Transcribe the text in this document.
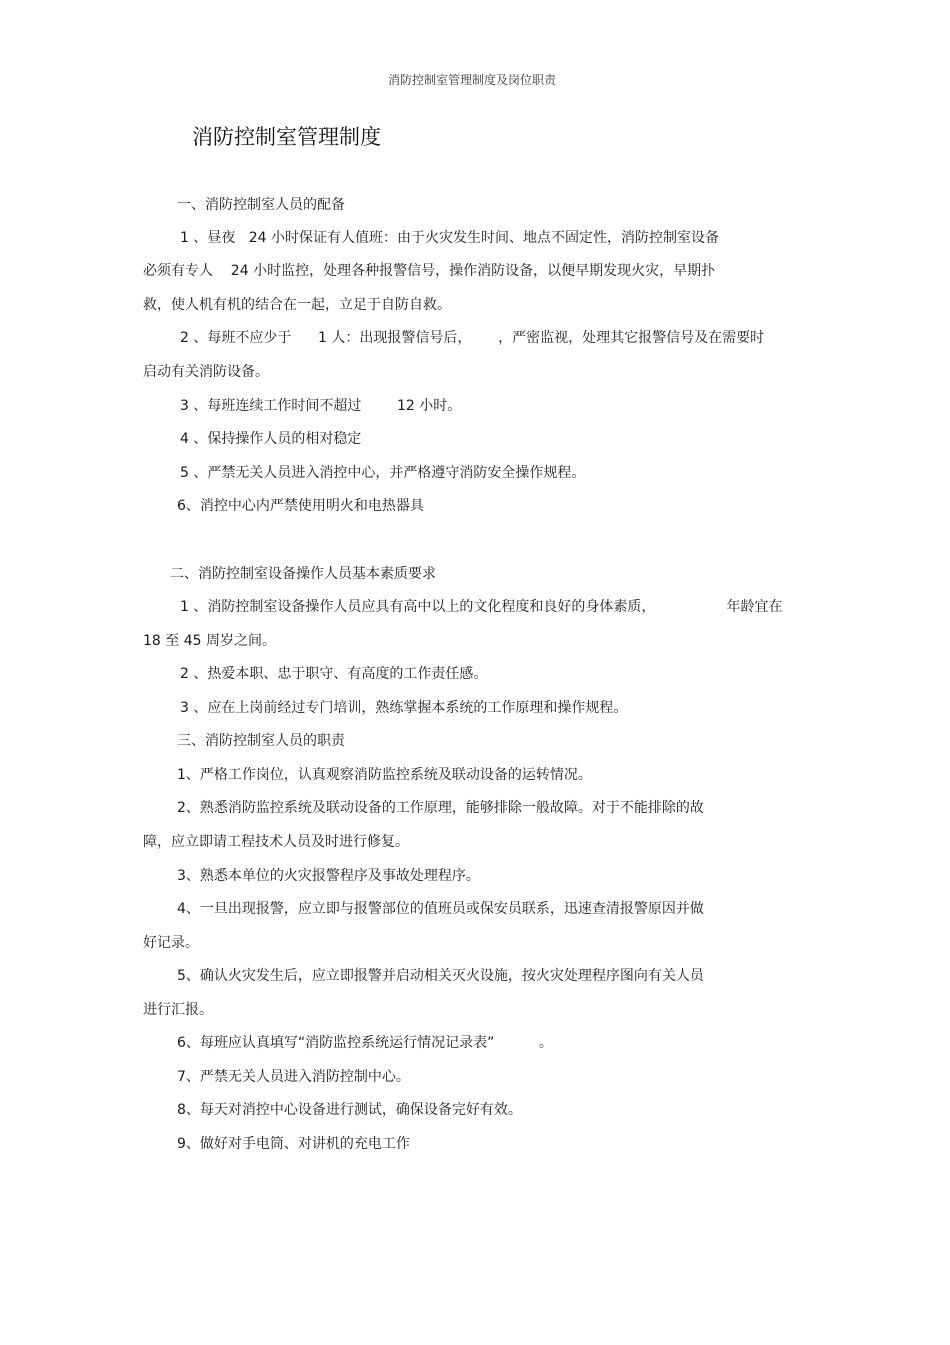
消防控制室管理制度及岗位职责
消防控制室管理制度
一、消防控制室人员的配备
1 、昼夜   24 小时保证有人值班：由于火灾发生时间、地点不固定性，消防控制室设备
必须有专人    24 小时监控，处理各种报警信号，操作消防设备，以便早期发现火灾，早期扑
救，使人机有机的结合在一起，立足于自防自救。
2 、每班不应少于      1 人：出现报警信号后，      ，严密监视，处理其它报警信号及在需要时
启动有关消防设备。
3 、每班连续工作时间不超过        12 小时。
4 、保持操作人员的相对稳定
5 、严禁无关人员进入消控中心，并严格遵守消防安全操作规程。
6、消控中心内严禁使用明火和电热器具
二、消防控制室设备操作人员基本素质要求
1 、消防控制室设备操作人员应具有高中以上的文化程度和良好的身体素质，                年龄宜在
18 至 45 周岁之间。
2 、热爱本职、忠于职守、有高度的工作责任感。
3 、应在上岗前经过专门培训，熟练掌握本系统的工作原理和操作规程。
三、消防控制室人员的职责
1、严格工作岗位，认真观察消防监控系统及联动设备的运转情况。
2、熟悉消防监控系统及联动设备的工作原理，能够排除一般故障。对于不能排除的故
障，应立即请工程技术人员及时进行修复。
3、熟悉本单位的火灾报警程序及事故处理程序。
4、一旦出现报警，应立即与报警部位的值班员或保安员联系，迅速查清报警原因并做
好记录。
5、确认火灾发生后，应立即报警并启动相关灭火设施，按火灾处理程序图向有关人员
进行汇报。
6、每班应认真填写“消防监控系统运行情况记录表”          。
7、严禁无关人员进入消防控制中心。
8、每天对消控中心设备进行测试，确保设备完好有效。
9、做好对手电筒、对讲机的充电工作
